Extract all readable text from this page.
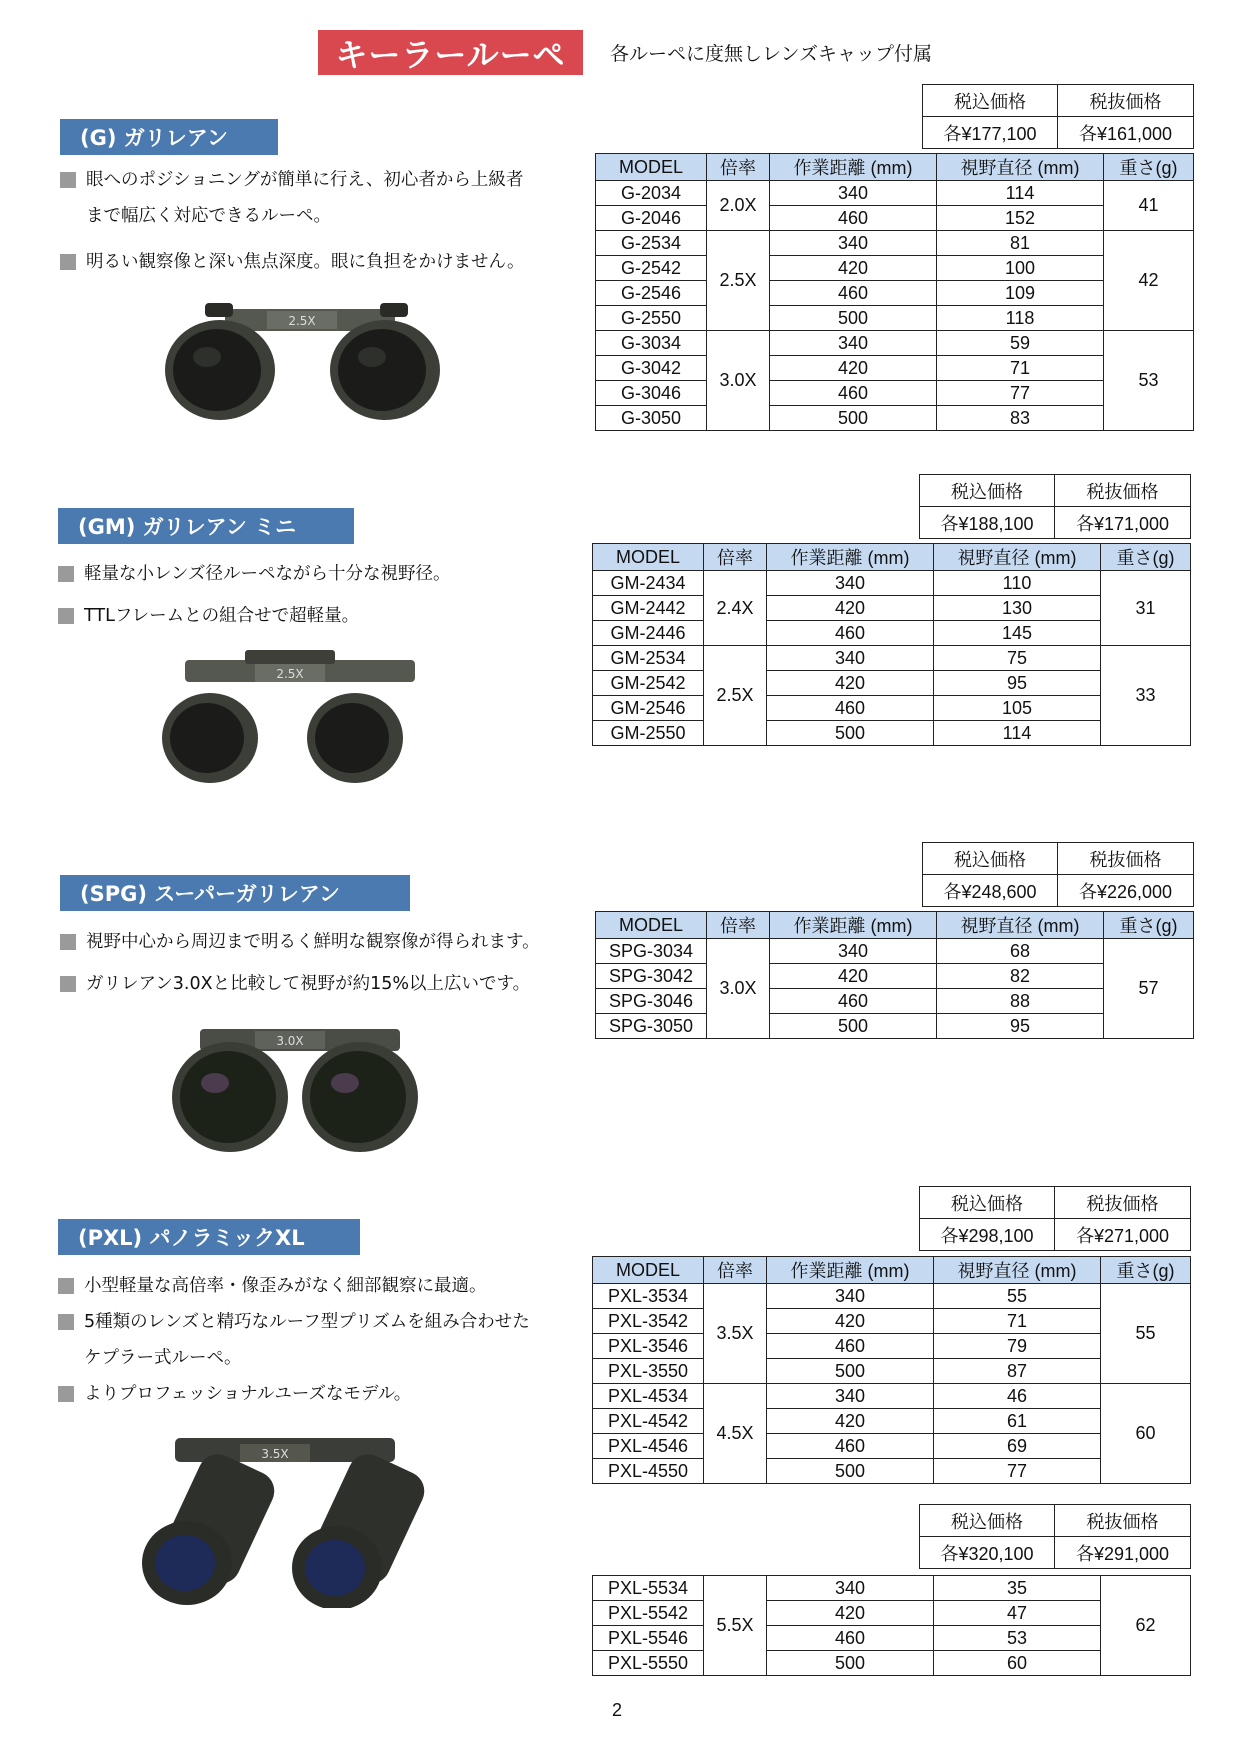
キーラールーペ	各ルーペに度無しレンズキャップ付属
(G) ガリレアン
眼へのポジショニングが簡単に行え、初心者から上級者
まで幅広く対応できるルーペ。
明るい観察像と深い焦点深度。眼に負担をかけません。
2.5X
税込価格	税抜価格
各¥177,100	各¥161,000
MODEL	倍率	作業距離 (mm)	視野直径 (mm)	重さ(g)
G-2034	2.0X	340	114	41
G-2046		460	152	
G-2534	2.5X	340	81	42
G-2542		420	100	
G-2546		460	109	
G-2550		500	118	
G-3034	3.0X	340	59	53
G-3042		420	71	
G-3046		460	77	
G-3050		500	83	
(GM) ガリレアン ミニ
軽量な小レンズ径ルーペながら十分な視野径。
TTLフレームとの組合せで超軽量。
2.5X
税込価格	税抜価格
各¥188,100	各¥171,000
MODEL	倍率	作業距離 (mm)	視野直径 (mm)	重さ(g)
GM-2434	2.4X	340	110	31
GM-2442		420	130	
GM-2446		460	145	
GM-2534	2.5X	340	75	33
GM-2542		420	95	
GM-2546		460	105	
GM-2550		500	114	
(SPG) スーパーガリレアン
視野中心から周辺まで明るく鮮明な観察像が得られます。
ガリレアン3.0Xと比較して視野が約15%以上広いです。
3.0X
税込価格	税抜価格
各¥248,600	各¥226,000
MODEL	倍率	作業距離 (mm)	視野直径 (mm)	重さ(g)
SPG-3034	3.0X	340	68	57
SPG-3042		420	82	
SPG-3046		460	88	
SPG-3050		500	95	
(PXL) パノラミックXL
小型軽量な高倍率・像歪みがなく細部観察に最適。
5種類のレンズと精巧なルーフ型プリズムを組み合わせた
ケプラー式ルーペ。
よりプロフェッショナルユーズなモデル。
3.5X
税込価格	税抜価格
各¥298,100	各¥271,000
MODEL	倍率	作業距離 (mm)	視野直径 (mm)	重さ(g)
PXL-3534	3.5X	340	55	55
PXL-3542		420	71	
PXL-3546		460	79	
PXL-3550		500	87	
PXL-4534	4.5X	340	46	60
PXL-4542		420	61	
PXL-4546		460	69	
PXL-4550		500	77	
税込価格	税抜価格
各¥320,100	各¥291,000
PXL-5534	5.5X	340	35	62
PXL-5542		420	47	
PXL-5546		460	53	
PXL-5550		500	60	
2
